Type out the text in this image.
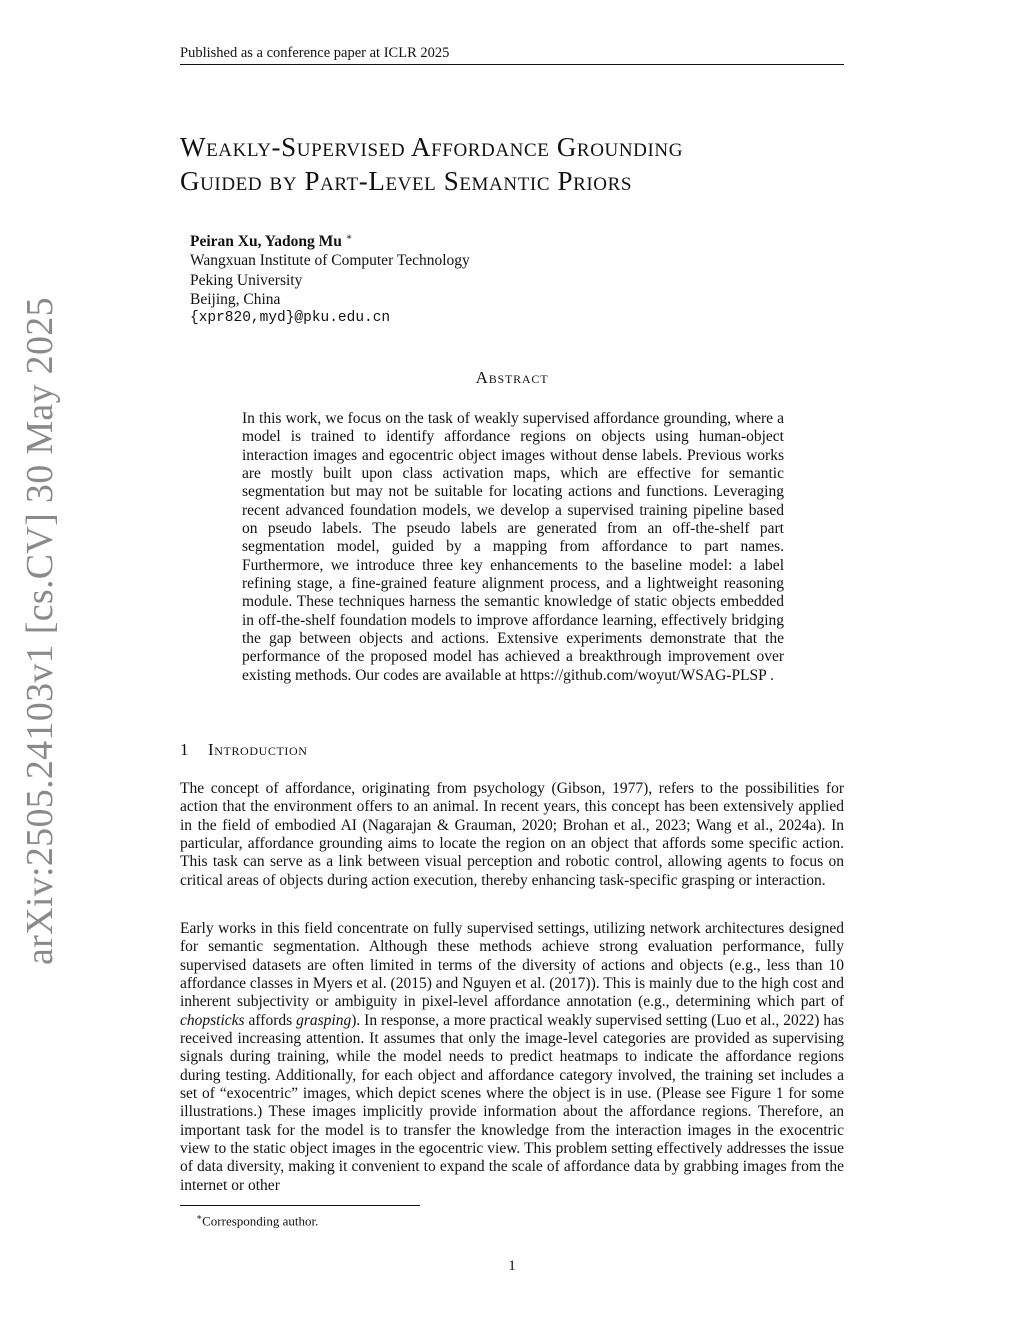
Published as a conference paper at ICLR 2025
arXiv:2505.24103v1 [cs.CV] 30 May 2025
Weakly-Supervised Affordance Grounding
Guided by Part-Level Semantic Priors
Peiran Xu, Yadong Mu ∗
Wangxuan Institute of Computer Technology
Peking University
Beijing, China
{xpr820,myd}@pku.edu.cn
Abstract
In this work, we focus on the task of weakly supervised affordance grounding, where a model is trained to identify affordance regions on objects using human-object interaction images and egocentric object images without dense labels. Previous works are mostly built upon class activation maps, which are effective for semantic segmentation but may not be suitable for locating actions and functions. Leveraging recent advanced foundation models, we develop a supervised training pipeline based on pseudo labels. The pseudo labels are generated from an off-the-shelf part segmentation model, guided by a mapping from affordance to part names. Furthermore, we introduce three key enhancements to the baseline model: a label refining stage, a fine-grained feature alignment process, and a lightweight reasoning module. These techniques harness the semantic knowledge of static objects embedded in off-the-shelf foundation models to improve affordance learning, effectively bridging the gap between objects and actions. Extensive experiments demonstrate that the performance of the proposed model has achieved a breakthrough improvement over existing methods. Our codes are available at https://github.com/woyut/WSAG-PLSP .
1 Introduction
The concept of affordance, originating from psychology (Gibson, 1977), refers to the possibilities for action that the environment offers to an animal. In recent years, this concept has been extensively applied in the field of embodied AI (Nagarajan & Grauman, 2020; Brohan et al., 2023; Wang et al., 2024a). In particular, affordance grounding aims to locate the region on an object that affords some specific action. This task can serve as a link between visual perception and robotic control, allowing agents to focus on critical areas of objects during action execution, thereby enhancing task-specific grasping or interaction.
Early works in this field concentrate on fully supervised settings, utilizing network architectures designed for semantic segmentation. Although these methods achieve strong evaluation performance, fully supervised datasets are often limited in terms of the diversity of actions and objects (e.g., less than 10 affordance classes in Myers et al. (2015) and Nguyen et al. (2017)). This is mainly due to the high cost and inherent subjectivity or ambiguity in pixel-level affordance annotation (e.g., determining which part of chopsticks affords grasping). In response, a more practical weakly supervised setting (Luo et al., 2022) has received increasing attention. It assumes that only the image-level categories are provided as supervising signals during training, while the model needs to predict heatmaps to indicate the affordance regions during testing. Additionally, for each object and affordance category involved, the training set includes a set of “exocentric” images, which depict scenes where the object is in use. (Please see Figure 1 for some illustrations.) These images implicitly provide information about the affordance regions. Therefore, an important task for the model is to transfer the knowledge from the interaction images in the exocentric view to the static object images in the egocentric view. This problem setting effectively addresses the issue of data diversity, making it convenient to expand the scale of affordance data by grabbing images from the internet or other
∗Corresponding author.
1
